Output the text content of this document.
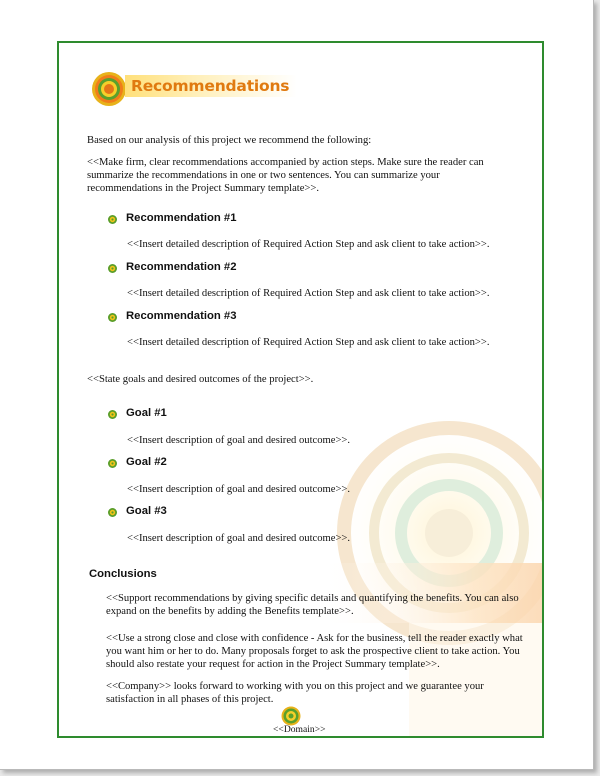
Recommendations
Based on our analysis of this project we recommend the following:
<<Make firm, clear recommendations accompanied by action steps. Make sure the reader can summarize the recommendations in one or two sentences. You can summarize your recommendations in the Project Summary template>>.
Recommendation #1
<<Insert detailed description of Required Action Step and ask client to take action>>.
Recommendation #2
<<Insert detailed description of Required Action Step and ask client to take action>>.
Recommendation #3
<<Insert detailed description of Required Action Step and ask client to take action>>.
<<State goals and desired outcomes of the project>>.
Goal #1
<<Insert description of goal and desired outcome>>.
Goal #2
<<Insert description of goal and desired outcome>>.
Goal #3
<<Insert description of goal and desired outcome>>.
Conclusions
<<Support recommendations by giving specific details and quantifying the benefits. You can also expand on the benefits by adding the Benefits template>>.
<<Use a strong close and close with confidence - Ask for the business, tell the reader exactly what you want him or her to do. Many proposals forget to ask the prospective client to take action. You should also restate your request for action in the Project Summary template>>.
<<Company>> looks forward to working with you on this project and we guarantee your satisfaction in all phases of this project.
<<Domain>>
